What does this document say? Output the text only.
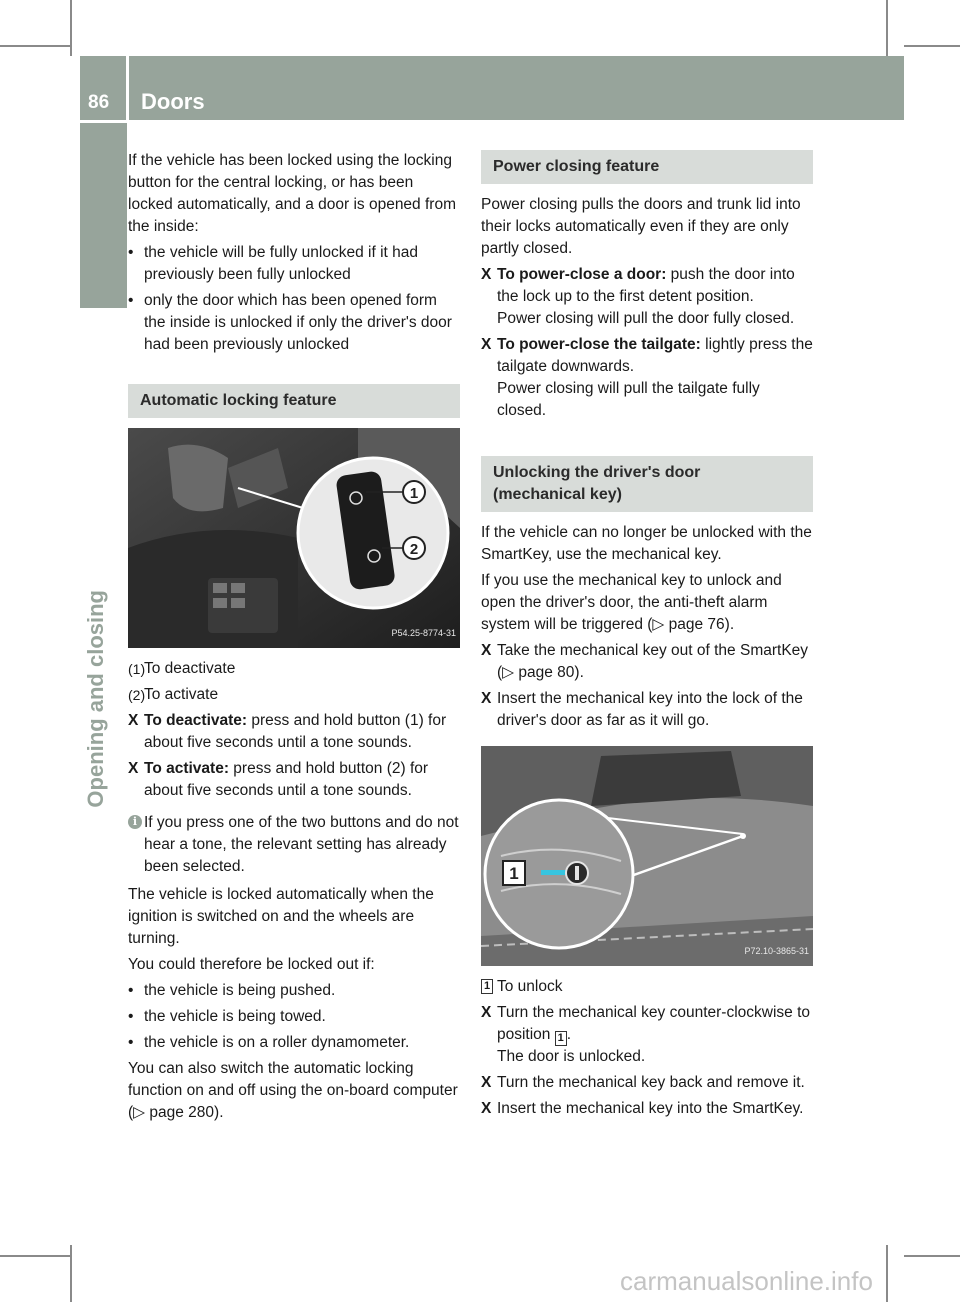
86 Doors
Opening and closing

If the vehicle has been locked using the locking button for the central locking, or has been locked automatically, and a door is opened from the inside:

• the vehicle will be fully unlocked if it had previously been fully unlocked
• only the door which has been opened form the inside is unlocked if only the driver's door had been previously unlocked
Automatic locking feature
1
2
P54.25-8774-31
(1)
To deactivate
(2)
To activate
X To deactivate: press and hold button (1) for about five seconds until a tone sounds.
X To activate: press and hold button (2) for about five seconds until a tone sounds.
i If you press one of the two buttons and do not hear a tone, the relevant setting has already been selected.

The vehicle is locked automatically when the ignition is switched on and the wheels are turning.

You could therefore be locked out if:

• the vehicle is being pushed.
• the vehicle is being towed.
• the vehicle is on a roller dynamometer.

You can also switch the automatic locking function on and off using the on-board computer (▷ page 280).

Power closing feature

Power closing pulls the doors and trunk lid into their locks automatically even if they are only partly closed.

X To power-close a door: push the door into the lock up to the first detent position.
Power closing will pull the door fully closed.
X To power-close the tailgate: lightly press the tailgate downwards.
Power closing will pull the tailgate fully closed.
Unlocking the driver's door
(mechanical key)

If the vehicle can no longer be unlocked with the SmartKey, use the mechanical key.

If you use the mechanical key to unlock and open the driver's door, the anti-theft alarm system will be triggered (▷ page 76).

X Take the mechanical key out of the SmartKey (▷ page 80).
X Insert the mechanical key into the lock of the driver's door as far as it will go.
1
P72.10-3865-31
1 To unlock
X Turn the mechanical key counter-clockwise to position 1 .
The door is unlocked.
X Turn the mechanical key back and remove it.
X Insert the mechanical key into the SmartKey.
carmanualsonline.info
